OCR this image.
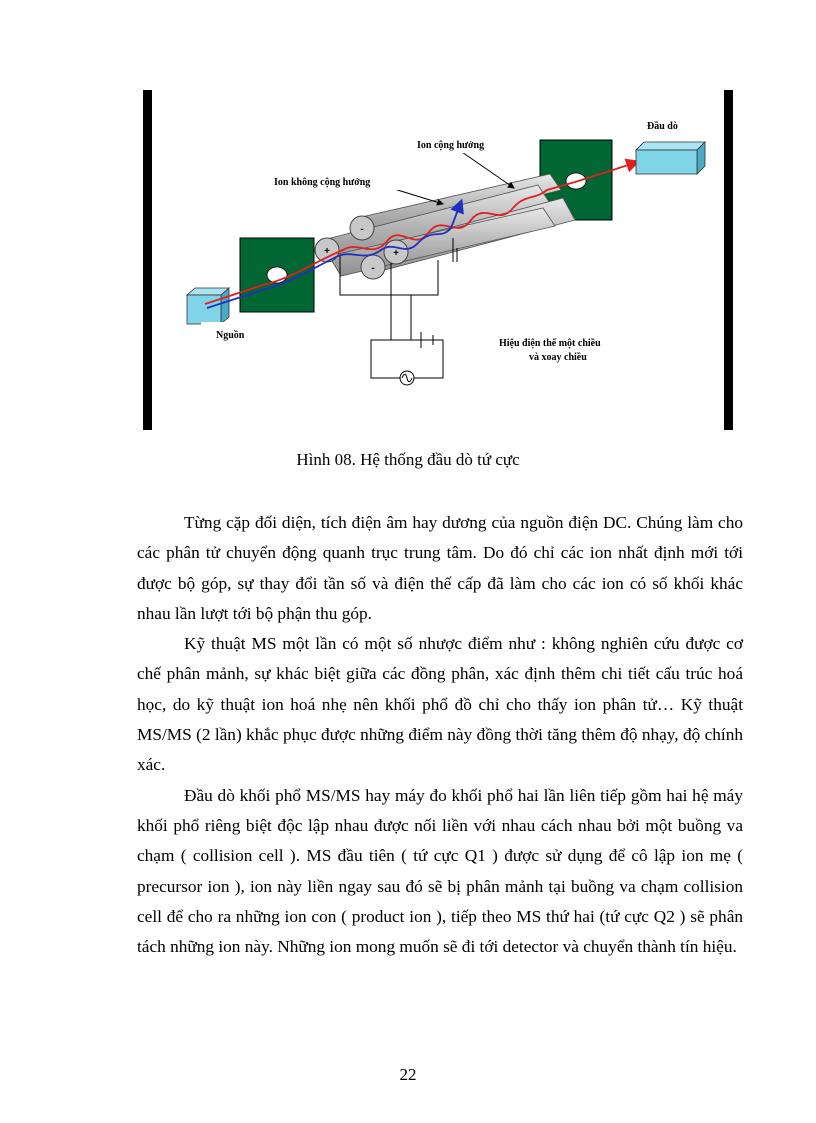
-
+	+
-
Đầu dò
Ion cộng hưởng
Ion không cộng hưởng
Nguồn
Hiệu điện thế một chiều
và xoay chiều
Hình 08. Hệ thống đầu dò tứ cực

Từng cặp đối diện, tích điện âm hay dương của nguồn điện DC. Chúng làm cho các phân tử chuyển động quanh trục trung tâm. Do đó chỉ các ion nhất định mới tới được bộ góp, sự thay đổi tần số và điện thế cấp đã làm cho các ion có số khối khác nhau lần lượt tới bộ phận thu góp.

Kỹ thuật MS một lần có một số nhược điểm như : không nghiên cứu được cơ chế phân mảnh, sự khác biệt giữa các đồng phân, xác định thêm chi tiết cấu trúc hoá học, do kỹ thuật ion hoá nhẹ nên khối phổ đồ chỉ cho thấy ion phân tử… Kỹ thuật MS/MS (2 lần) khắc phục được những điểm này đồng thời tăng thêm độ nhạy, độ chính xác.

Đầu dò khối phổ MS/MS hay máy đo khối phổ hai lần liên tiếp gồm hai hệ máy khối phổ riêng biệt độc lập nhau được nối liền với nhau cách nhau bởi một buồng va chạm ( collision cell ). MS đầu tiên ( tứ cực Q1 ) được sử dụng để cô lập ion mẹ ( precursor ion ), ion này liền ngay sau đó sẽ bị phân mảnh tại buồng va chạm collision cell để cho ra những ion con ( product ion ), tiếp theo MS thứ hai (tứ cực Q2 ) sẽ phân tách những ion này. Những ion mong muốn sẽ đi tới detector và chuyển thành tín hiệu.

22
